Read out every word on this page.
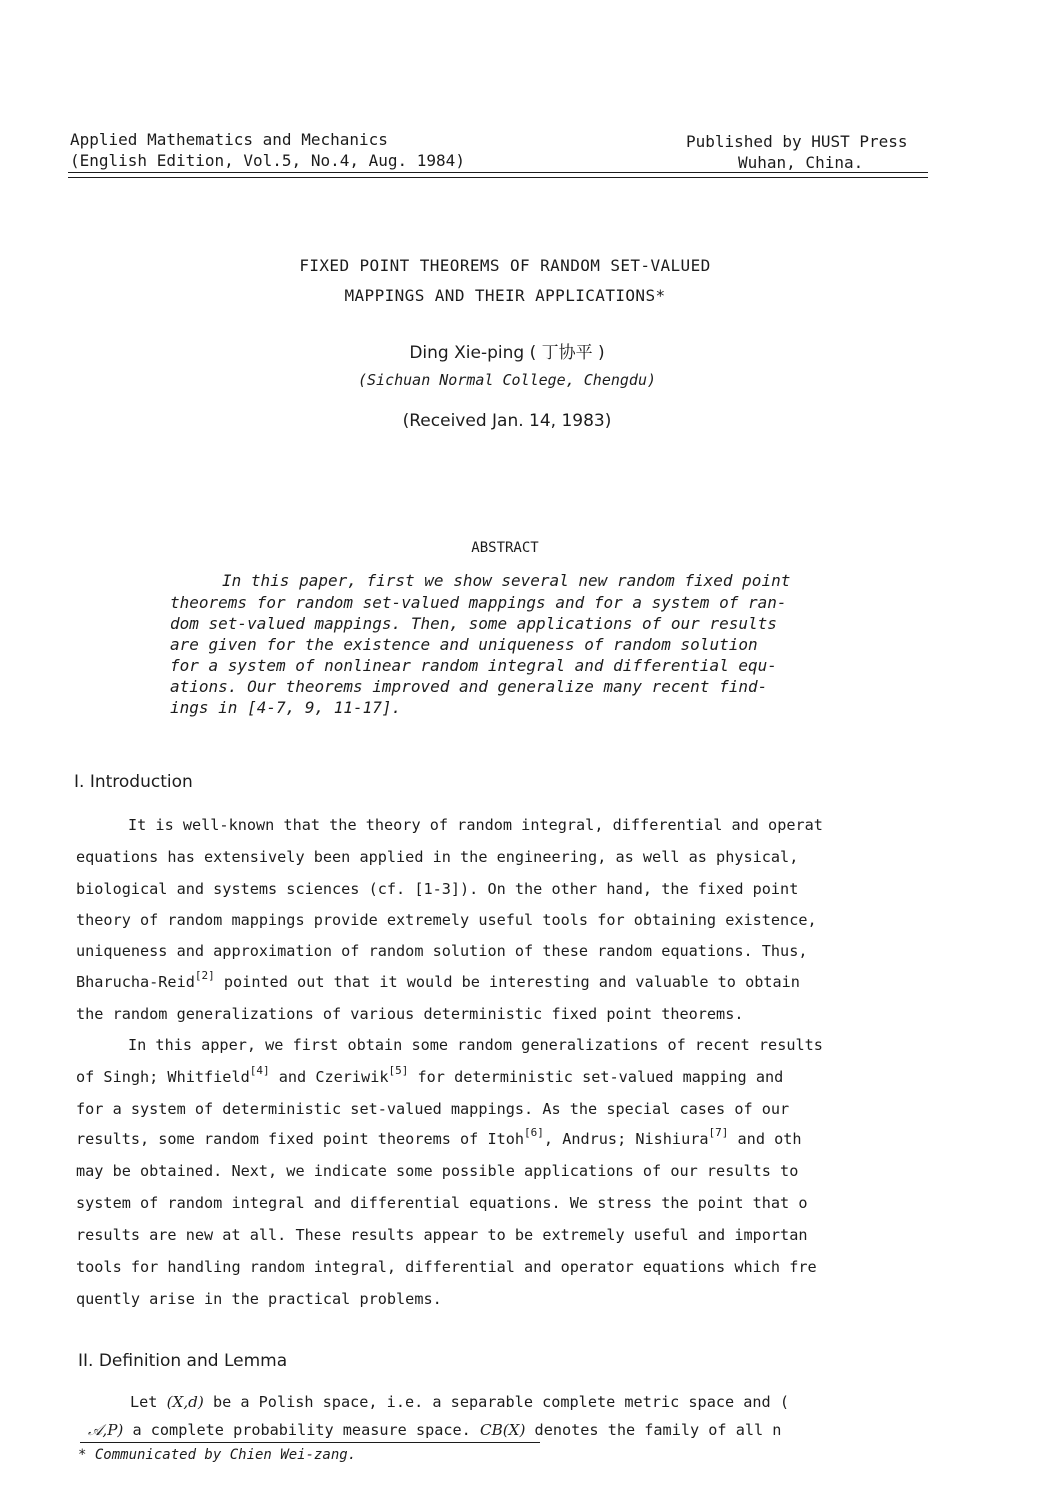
Applied Mathematics and Mechanics
(English Edition, Vol.5, No.4, Aug. 1984)
Published by HUST Press
Wuhan, China.
FIXED POINT THEOREMS OF RANDOM SET-VALUED
MAPPINGS AND THEIR APPLICATIONS*
Ding Xie-ping ( 丁协平 )
(Sichuan Normal College, Chengdu)
(Received Jan. 14, 1983)
ABSTRACT
In this paper, first we show several new random fixed point
theorems for random set-valued mappings and for a system of ran-
dom set-valued mappings. Then, some applications of our results
are given for the existence and uniqueness of random solution
for a system of nonlinear random integral and differential equ-
ations. Our theorems improved and generalize many recent find-
ings in [4-7, 9, 11-17].
I. Introduction
It is well-known that the theory of random integral, differential and operat
equations has extensively been applied in the engineering, as well as physical,
biological and systems sciences (cf. [1-3]). On the other hand, the fixed point
theory of random mappings provide extremely useful tools for obtaining existence,
uniqueness and approximation of random solution of these random equations. Thus,
Bharucha-Reid[2] pointed out that it would be interesting and valuable to obtain
the random generalizations of various deterministic fixed point theorems.
In this apper, we first obtain some random generalizations of recent results
of Singh; Whitfield[4] and Czeriwik[5] for deterministic set-valued mapping and
for a system of deterministic set-valued mappings. As the special cases of our
results, some random fixed point theorems of Itoh[6], Andrus; Nishiura[7] and oth
may be obtained. Next, we indicate some possible applications of our results to
system of random integral and differential equations. We stress the point that o
results are new at all. These results appear to be extremely useful and importan
tools for handling random integral, differential and operator equations which fre
quently arise in the practical problems.
II. Definition and Lemma
Let (X,d) be a Polish space, i.e. a separable complete metric space and (
𝒜,P) a complete probability measure space. CB(X) denotes the family of all n
* Communicated by Chien Wei-zang.
